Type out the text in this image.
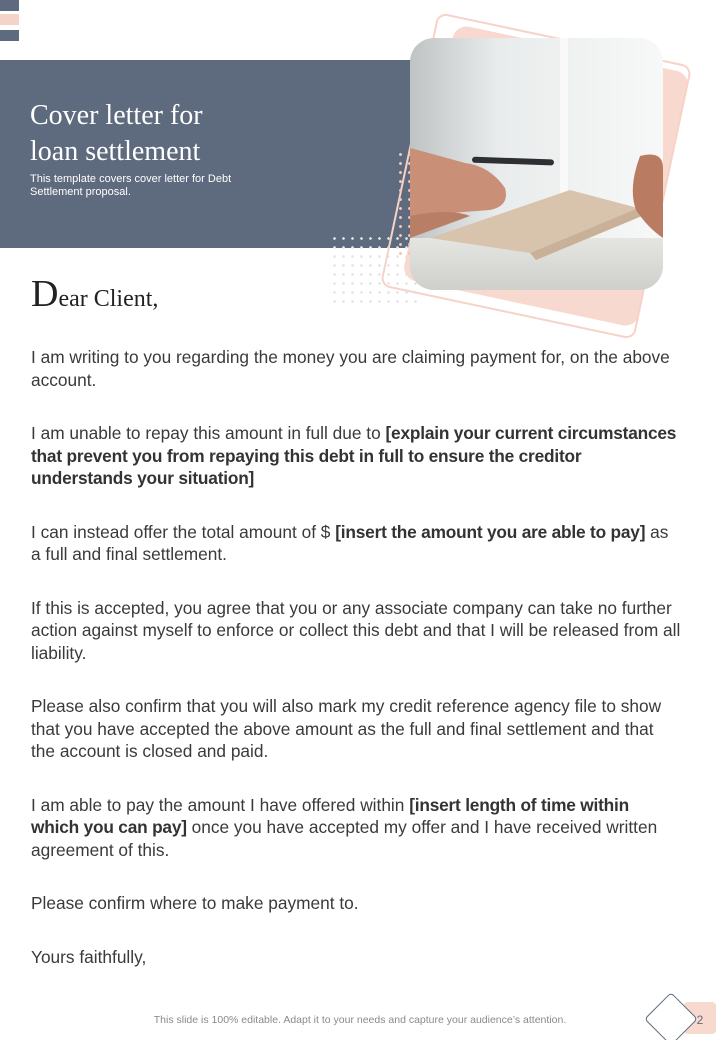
Cover letter for
loan settlement
This template covers cover letter for Debt Settlement proposal.
Dear Client,

I am writing to you regarding the money you are claiming payment for, on the above account.

I am unable to repay this amount in full due to [explain your current circumstances that prevent you from repaying this debt in full to ensure the creditor understands your situation]

I can instead offer the total amount of $ [insert the amount you are able to pay] as a full and final settlement.

If this is accepted, you agree that you or any associate company can take no further action against myself to enforce or collect this debt and that I will be released from all liability.

Please also confirm that you will also mark my credit reference agency file to show that you have accepted the above amount as the full and final settlement and that the account is closed and paid.

I am able to pay the amount I have offered within [insert length of time within which you can pay] once you have accepted my offer and I have received written agreement of this.

Please confirm where to make payment to.

Yours faithfully,

This slide is 100% editable. Adapt it to your needs and capture your audience’s attention.	2
